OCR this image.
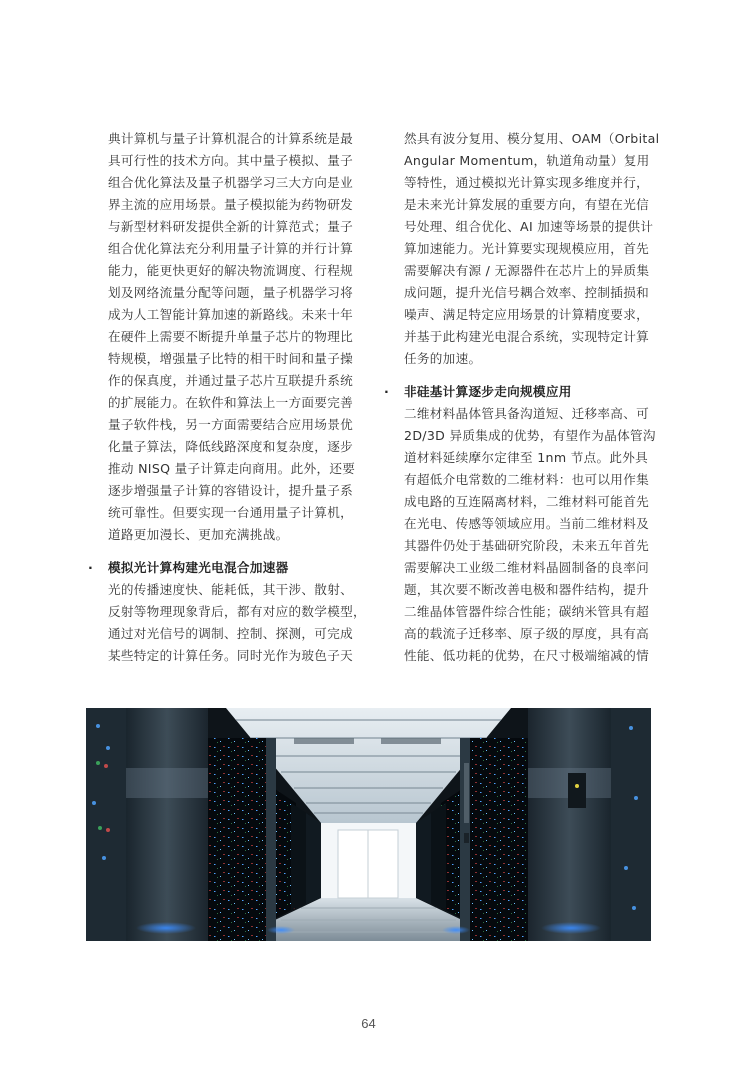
典计算机与量子计算机混合的计算系统是最
具可行性的技术方向。其中量子模拟、量子
组合优化算法及量子机器学习三大方向是业
界主流的应用场景。量子模拟能为药物研发
与新型材料研发提供全新的计算范式；量子
组合优化算法充分利用量子计算的并行计算
能力，能更快更好的解决物流调度、行程规
划及网络流量分配等问题，量子机器学习将
成为人工智能计算加速的新路线。未来十年
在硬件上需要不断提升单量子芯片的物理比
特规模，增强量子比特的相干时间和量子操
作的保真度，并通过量子芯片互联提升系统
的扩展能力。在软件和算法上一方面要完善
量子软件栈，另一方面需要结合应用场景优
化量子算法，降低线路深度和复杂度，逐步
推动 NISQ 量子计算走向商用。此外，还要
逐步增强量子计算的容错设计，提升量子系
统可靠性。但要实现一台通用量子计算机，
道路更加漫长、更加充满挑战。
· 模拟光计算构建光电混合加速器
光的传播速度快、能耗低，其干涉、散射、
反射等物理现象背后，都有对应的数学模型，
通过对光信号的调制、控制、探测，可完成
某些特定的计算任务。同时光作为玻色子天
然具有波分复用、模分复用、OAM（Orbital
Angular Momentum，轨道角动量）复用
等特性，通过模拟光计算实现多维度并行，
是未来光计算发展的重要方向，有望在光信
号处理、组合优化、AI 加速等场景的提供计
算加速能力。光计算要实现规模应用，首先
需要解决有源 / 无源器件在芯片上的异质集
成问题，提升光信号耦合效率、控制插损和
噪声、满足特定应用场景的计算精度要求，
并基于此构建光电混合系统，实现特定计算
任务的加速。
· 非硅基计算逐步走向规模应用
二维材料晶体管具备沟道短、迁移率高、可
2D/3D 异质集成的优势，有望作为晶体管沟
道材料延续摩尔定律至 1nm 节点。此外具
有超低介电常数的二维材料：也可以用作集
成电路的互连隔离材料，二维材料可能首先
在光电、传感等领域应用。当前二维材料及
其器件仍处于基础研究阶段，未来五年首先
需要解决工业级二维材料晶圆制备的良率问
题，其次要不断改善电极和器件结构，提升
二维晶体管器件综合性能；碳纳米管具有超
高的载流子迁移率、原子级的厚度，具有高
性能、低功耗的优势，在尺寸极端缩减的情
64
